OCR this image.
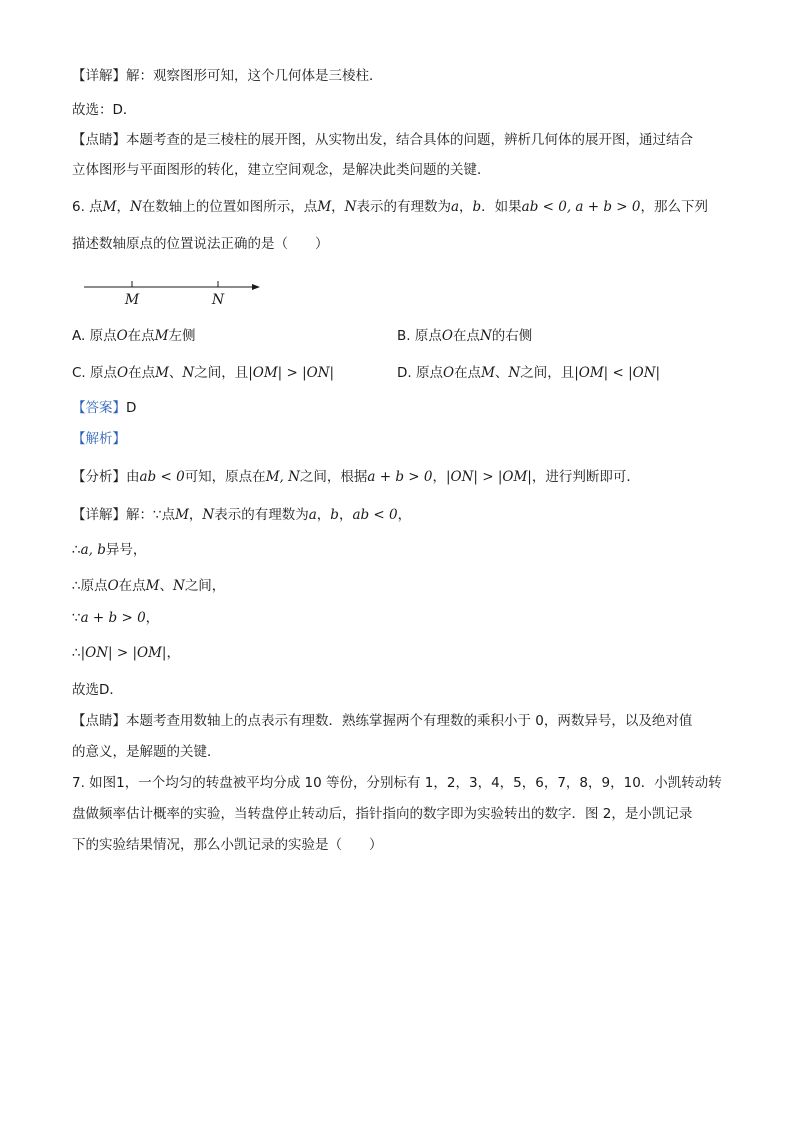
【详解】解：观察图形可知，这个几何体是三棱柱．
故选：D．
【点睛】本题考查的是三棱柱的展开图，从实物出发，结合具体的问题，辨析几何体的展开图，通过结合
立体图形与平面图形的转化，建立空间观念，是解决此类问题的关键．
6. 点M，N在数轴上的位置如图所示，点M，N表示的有理数为a，b．如果ab < 0, a + b > 0，那么下列
描述数轴原点的位置说法正确的是（　　）
M	N
A. 原点O在点M左侧	B. 原点O在点N的右侧
C. 原点O在点M、N之间，且|OM| > |ON|	D. 原点O在点M、N之间，且|OM| < |ON|
【答案】D
【解析】
【分析】由ab < 0可知，原点在M, N之间，根据a + b > 0，|ON| > |OM|，进行判断即可．
【详解】解：∵点M，N表示的有理数为a，b，ab < 0，
∴a, b异号，
∴原点O在点M、N之间，
∵a + b > 0，
∴|ON| > |OM|，
故选D．
【点睛】本题考查用数轴上的点表示有理数．熟练掌握两个有理数的乘积小于 0，两数异号，以及绝对值
的意义，是解题的关键．
7. 如图1，一个均匀的转盘被平均分成 10 等份，分别标有 1，2，3，4，5，6，7，8，9，10．小凯转动转
盘做频率估计概率的实验，当转盘停止转动后，指针指向的数字即为实验转出的数字．图 2，是小凯记录
下的实验结果情况，那么小凯记录的实验是（　　）
